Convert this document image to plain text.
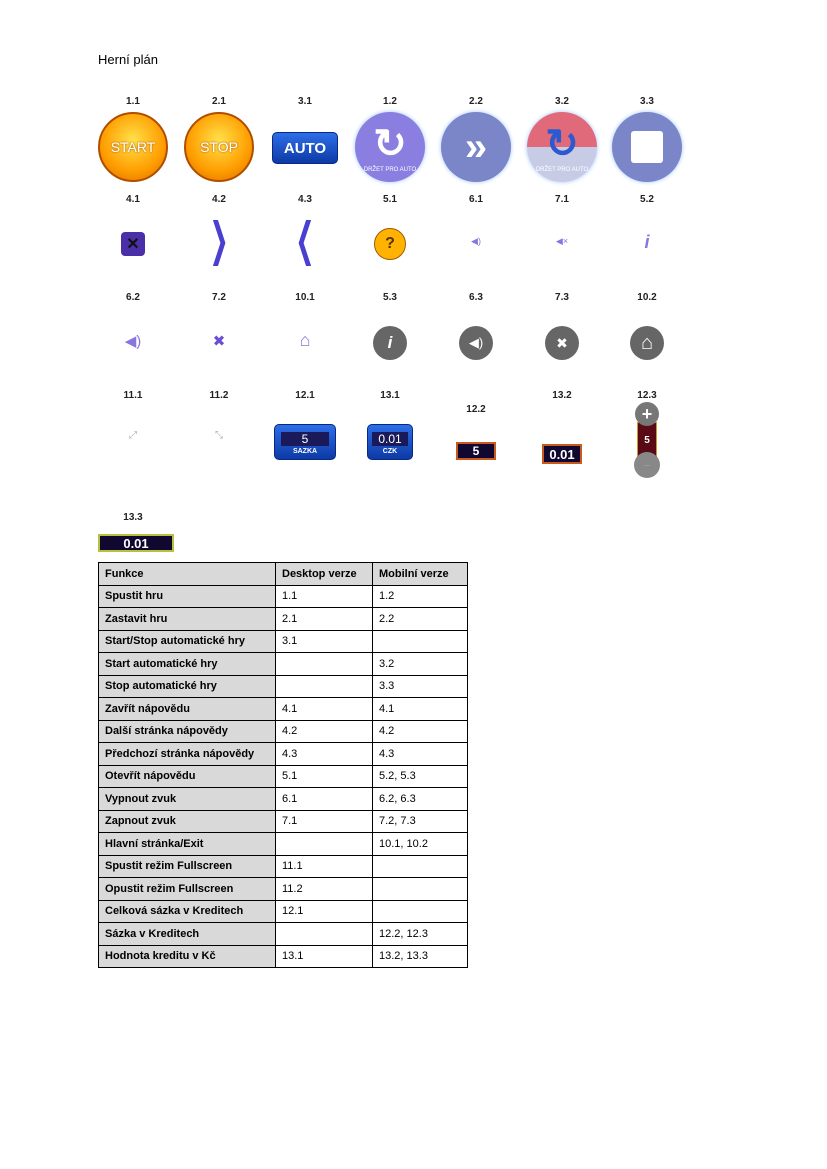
Herní plán
1.1
START
2.1
STOP
3.1
AUTO
1.2
↻
DRŽET PRO AUTO
2.2
»
3.2
↻
DRŽET PRO AUTO
3.3
4.1
✕
4.2
❯
4.3
❮
5.1
?
6.1
◀)
7.1
◀×
5.2
i
6.2
◀)
7.2
✖
10.1
⌂
5.3
i
6.3
◀)
7.3
✖
10.2
⌂
11.1
⤢
11.2
⤡
12.1
5
SAZKA
13.1
0.01
CZK
12.2
5
13.2
0.01
12.3
5
+
−
13.3
0.01
Funkce	Desktop verze	Mobilní verze
Spustit hru	1.1	1.2
Zastavit hru	2.1	2.2
Start/Stop automatické hry	3.1	
Start automatické hry		3.2
Stop automatické hry		3.3
Zavřít nápovědu	4.1	4.1
Další stránka nápovědy	4.2	4.2
Předchozí stránka nápovědy	4.3	4.3
Otevřít nápovědu	5.1	5.2, 5.3
Vypnout zvuk	6.1	6.2, 6.3
Zapnout zvuk	7.1	7.2, 7.3
Hlavní stránka/Exit		10.1, 10.2
Spustit režim Fullscreen	11.1	
Opustit režim Fullscreen	11.2	
Celková sázka v Kreditech	12.1	
Sázka v Kreditech		12.2, 12.3
Hodnota kreditu v Kč	13.1	13.2, 13.3
